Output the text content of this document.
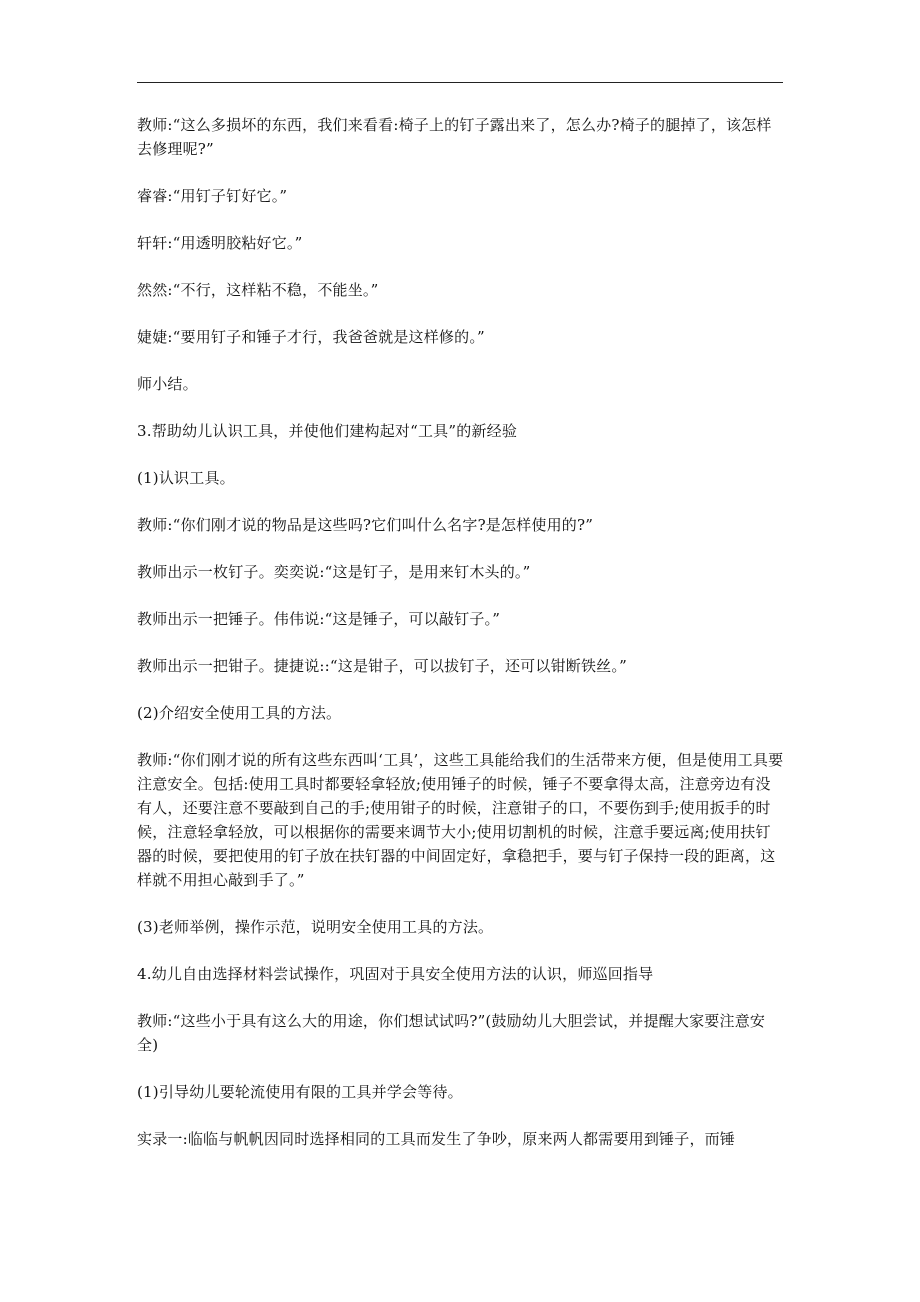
教师:“这么多损坏的东西，我们来看看:椅子上的钉子露出来了，怎么办?椅子的腿掉了，该怎样去修理呢?”

睿睿:“用钉子钉好它。”

轩轩:“用透明胶粘好它。”

然然:“不行，这样粘不稳，不能坐。”

婕婕:“要用钉子和锤子才行，我爸爸就是这样修的。”

师小结。

3.帮助幼儿认识工具，并使他们建构起对“工具”的新经验

(1)认识工具。

教师:“你们刚才说的物品是这些吗?它们叫什么名字?是怎样使用的?”

教师出示一枚钉子。奕奕说:“这是钉子，是用来钉木头的。”

教师出示一把锤子。伟伟说:“这是锤子，可以敲钉子。”

教师出示一把钳子。捷捷说::“这是钳子，可以拔钉子，还可以钳断铁丝。”

(2)介绍安全使用工具的方法。

教师:“你们刚才说的所有这些东西叫‘工具’，这些工具能给我们的生活带来方便，但是使用工具要注意安全。包括:使用工具时都要轻拿轻放;使用锤子的时候，锤子不要拿得太高，注意旁边有没有人，还要注意不要敲到自己的手;使用钳子的时候，注意钳子的口，不要伤到手;使用扳手的时候，注意轻拿轻放，可以根据你的需要来调节大小;使用切割机的时候，注意手要远离;使用扶钉器的时候，要把使用的钉子放在扶钉器的中间固定好，拿稳把手，要与钉子保持一段的距离，这样就不用担心敲到手了。”

(3)老师举例，操作示范，说明安全使用工具的方法。

4.幼儿自由选择材料尝试操作，巩固对于具安全使用方法的认识，师巡回指导

教师:“这些小于具有这么大的用途，你们想试试吗?”(鼓励幼儿大胆尝试，并提醒大家要注意安全)

(1)引导幼儿要轮流使用有限的工具并学会等待。

实录一:临临与帆帆因同时选择相同的工具而发生了争吵，原来两人都需要用到锤子，而锤
